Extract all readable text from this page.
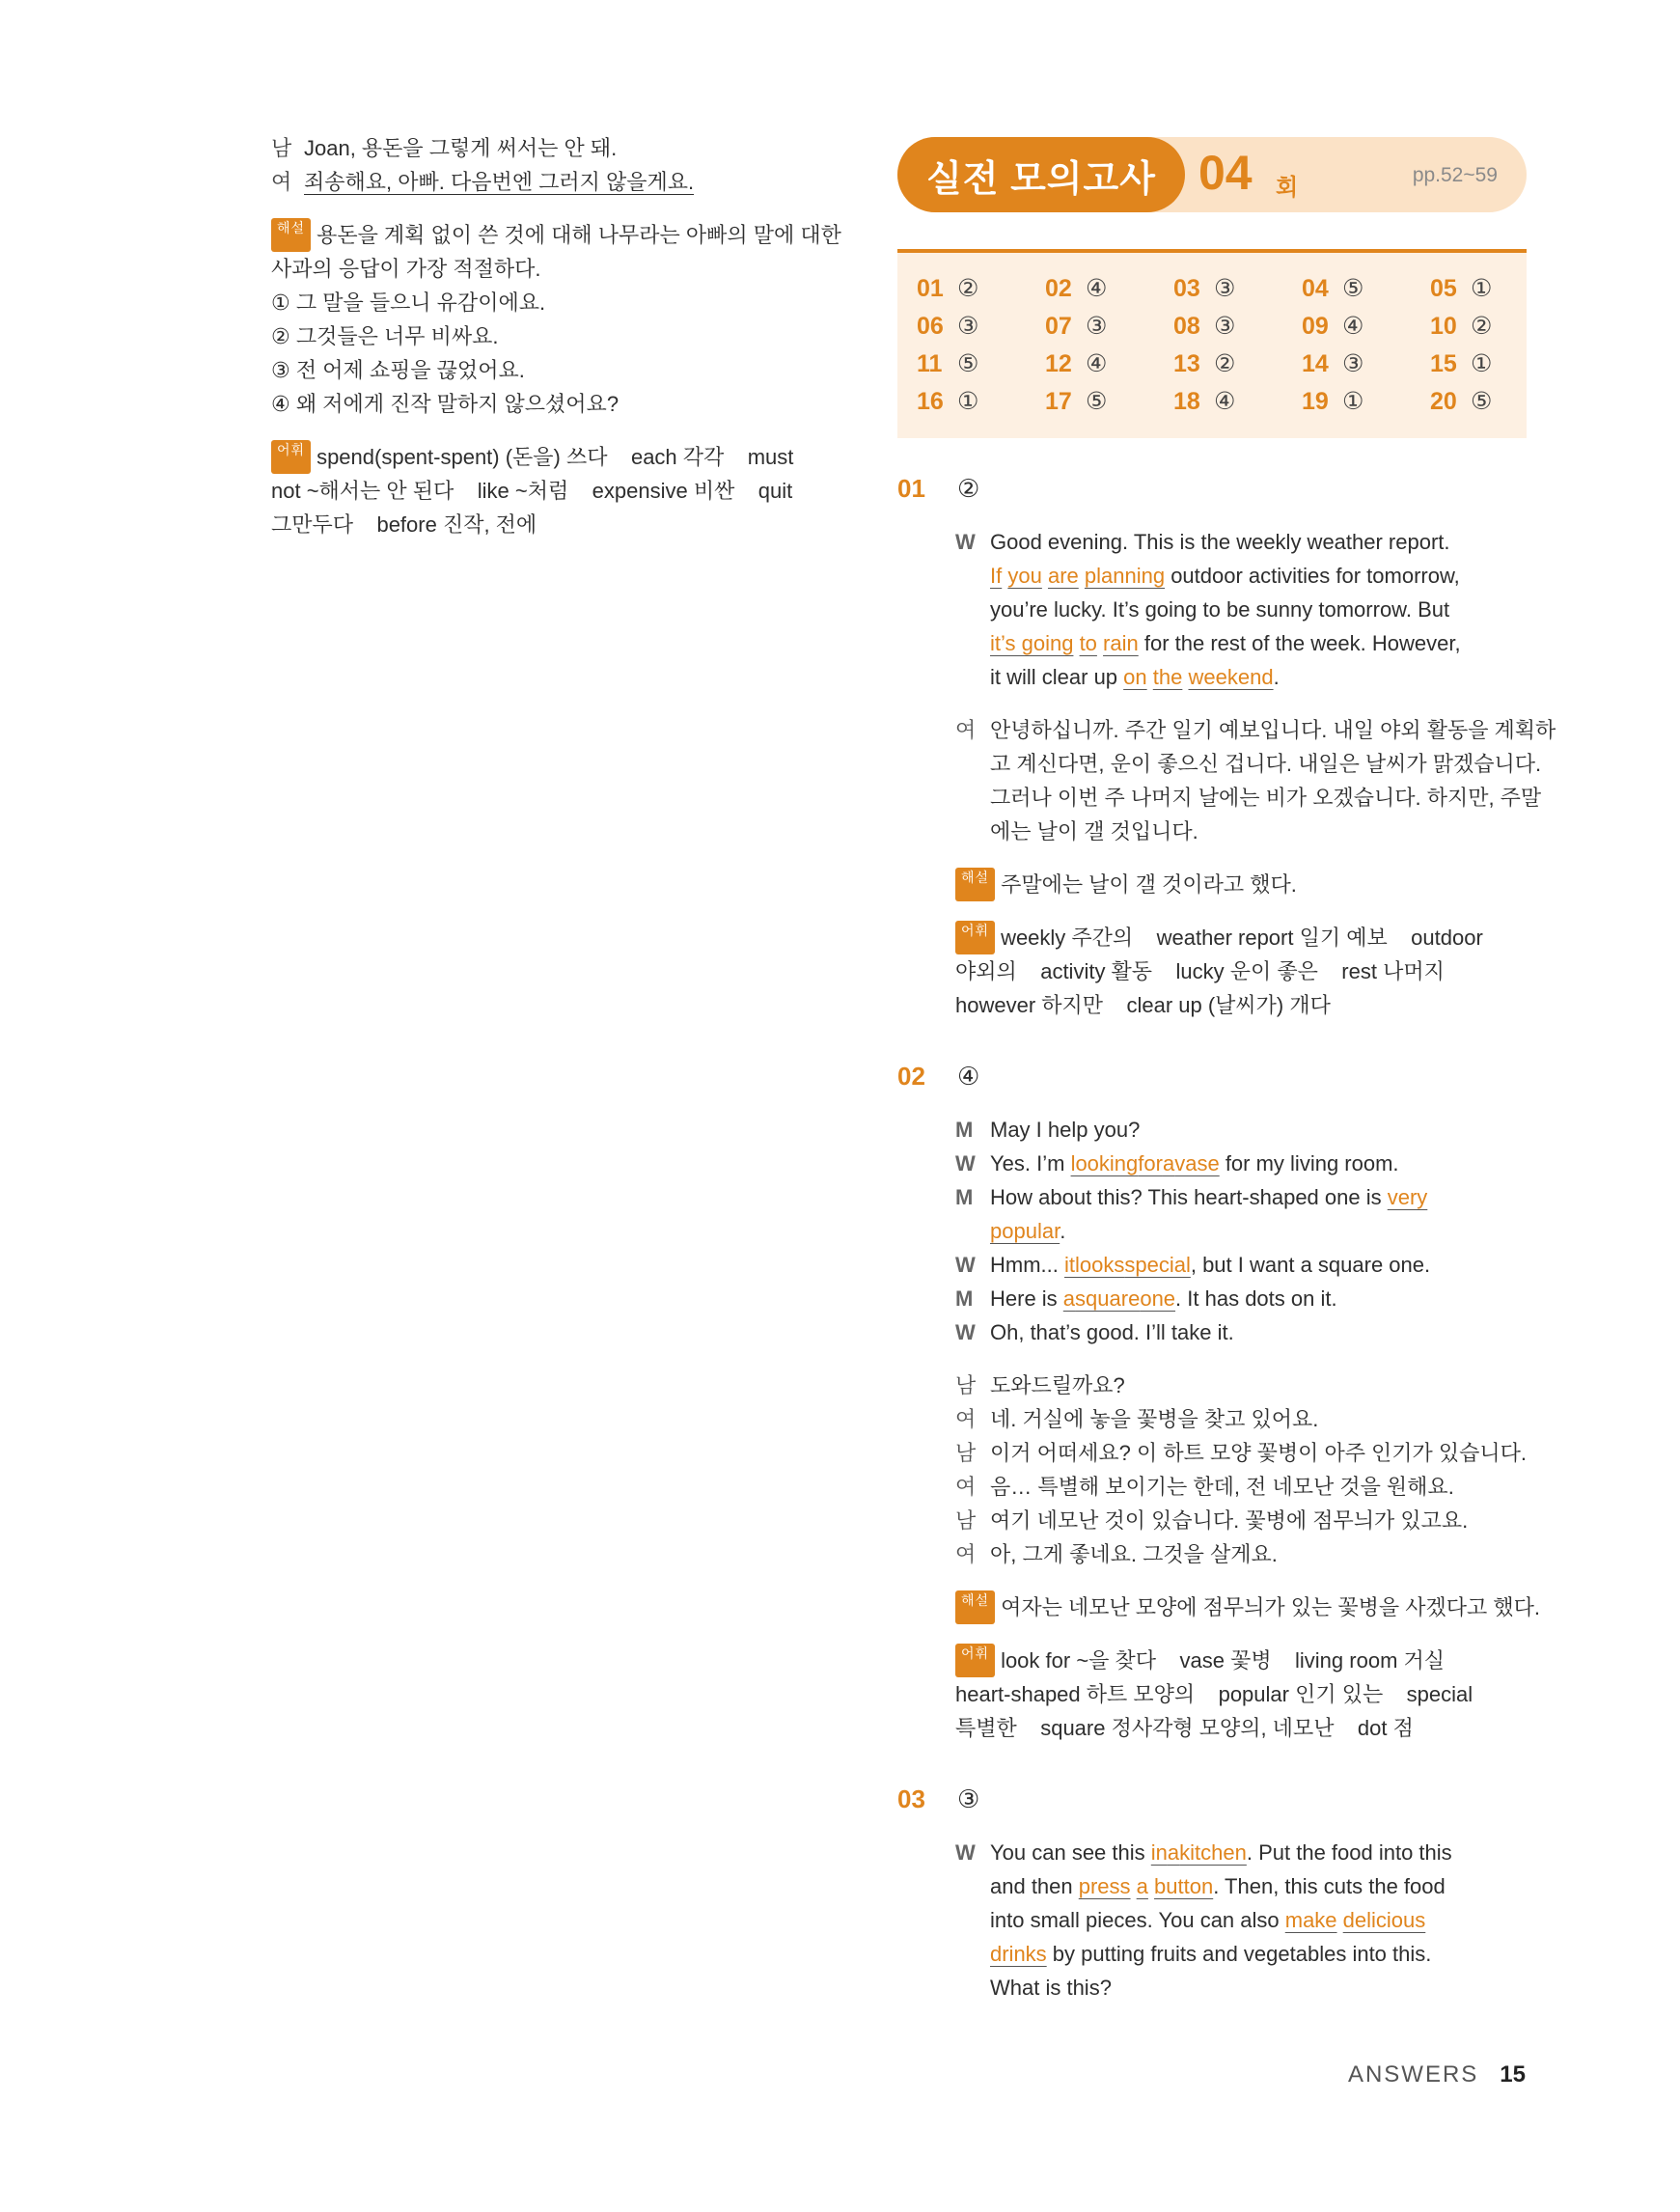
남 Joan, 용돈을 그렇게 써서는 안 돼.
여 죄송해요, 아빠. 다음번엔 그러지 않을게요.
해설 용돈을 계획 없이 쓴 것에 대해 나무라는 아빠의 말에 대한
사과의 응답이 가장 적절하다.
① 그 말을 들으니 유감이에요.
② 그것들은 너무 비싸요.
③ 전 어제 쇼핑을 끊었어요.
④ 왜 저에게 진작 말하지 않으셨어요?
어휘 spend(spent-spent) (돈을) 쓰다    each 각각    must
not ~해서는 안 된다    like ~처럼    expensive 비싼    quit
그만두다    before 진작, 전에
실전 모의고사 04 회	pp.52~59
01 ②	02 ④	03 ③	04 ⑤	05 ①
06 ③	07 ③	08 ③	09 ④	10 ②
11 ⑤	12 ④	13 ②	14 ③	15 ①
16 ①	17 ⑤	18 ④	19 ①	20 ⑤
01 ②
W Good evening. This is the weekly weather report.
If you are planning outdoor activities for tomorrow,
you’re lucky. It’s going to be sunny tomorrow. But
it’s going to rain for the rest of the week. However,
it will clear up on the weekend.
여 안녕하십니까. 주간 일기 예보입니다. 내일 야외 활동을 계획하
고 계신다면, 운이 좋으신 겁니다. 내일은 날씨가 맑겠습니다.
그러나 이번 주 나머지 날에는 비가 오겠습니다. 하지만, 주말
에는 날이 갤 것입니다.
해설 주말에는 날이 갤 것이라고 했다.
어휘 weekly 주간의    weather report 일기 예보    outdoor
야외의    activity 활동    lucky 운이 좋은    rest 나머지
however 하지만    clear up (날씨가) 개다
02 ④
M May I help you?
W Yes. I’m looking for a vase for my living room.
M How about this? This heart-shaped one is very
popular.
W Hmm... it looks special , but I want a square one.
M Here is a square one . It has dots on it.
W Oh, that’s good. I’ll take it.
남 도와드릴까요?
여 네. 거실에 놓을 꽃병을 찾고 있어요.
남 이거 어떠세요? 이 하트 모양 꽃병이 아주 인기가 있습니다.
여 음… 특별해 보이기는 한데, 전 네모난 것을 원해요.
남 여기 네모난 것이 있습니다. 꽃병에 점무늬가 있고요.
여 아, 그게 좋네요. 그것을 살게요.
해설 여자는 네모난 모양에 점무늬가 있는 꽃병을 사겠다고 했다.
어휘 look for ~을 찾다    vase 꽃병    living room 거실
heart-shaped 하트 모양의    popular 인기 있는    special
특별한    square 정사각형 모양의, 네모난    dot 점
03 ③
W You can see this in a kitchen . Put the food into this
and then press a button. Then, this cuts the food
into small pieces. You can also make delicious
drinks by putting fruits and vegetables into this.
What is this?
ANSWERS 15
